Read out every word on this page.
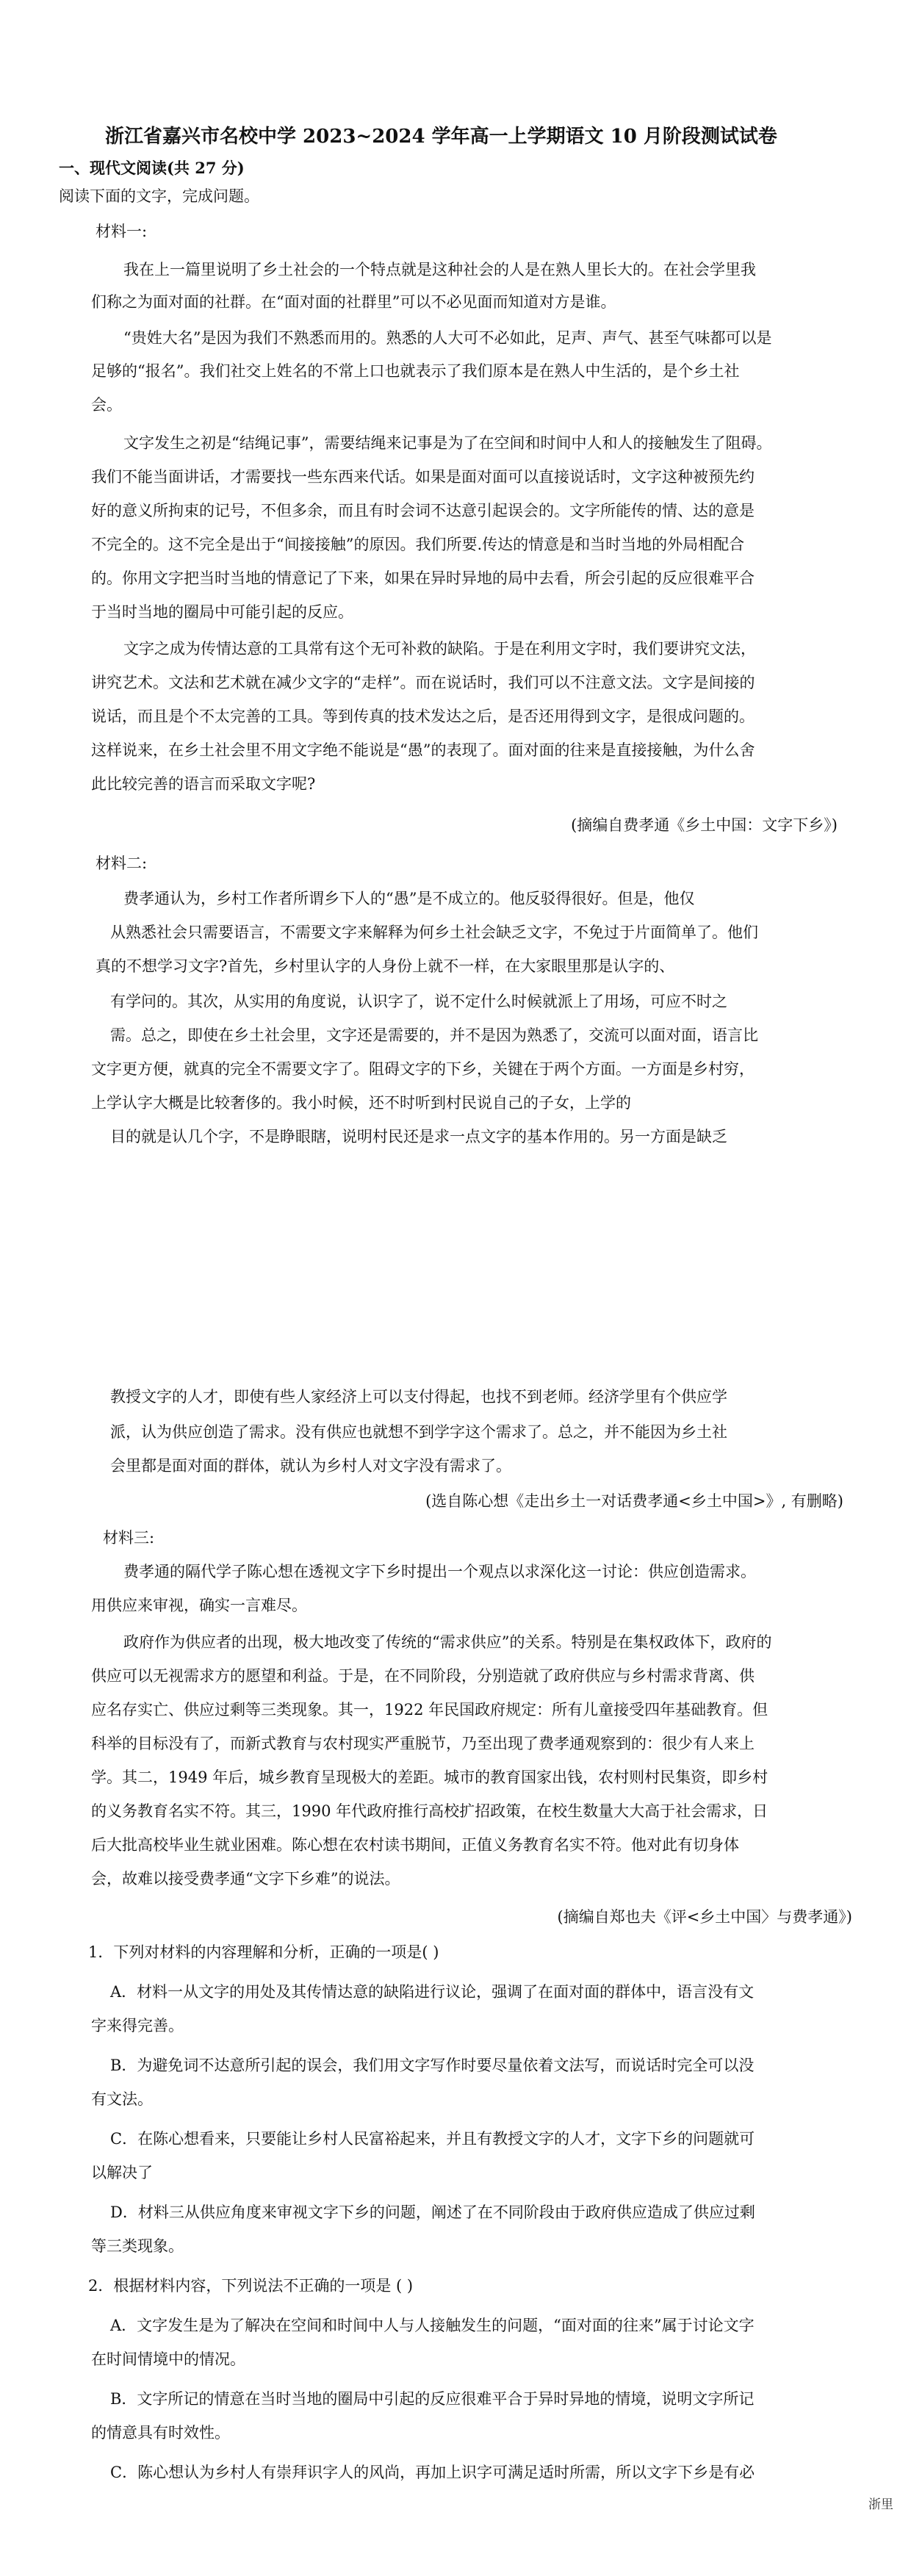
浙江省嘉兴市名校中学 2023~2024 学年高一上学期语文 10 月阶段测试试卷
一、现代文阅读(共 27 分)
阅读下面的文字，完成问题。
材料一:
我在上一篇里说明了乡土社会的一个特点就是这种社会的人是在熟人里长大的。在社会学里我
们称之为面对面的社群。在“面对面的社群里”可以不必见面而知道对方是谁。
“贵姓大名”是因为我们不熟悉而用的。熟悉的人大可不必如此，足声、声气、甚至气味都可以是
足够的“报名”。我们社交上姓名的不常上口也就表示了我们原本是在熟人中生活的，是个乡土社
会。
文字发生之初是“结绳记事”，需要结绳来记事是为了在空间和时间中人和人的接触发生了阻碍。
我们不能当面讲话，才需要找一些东西来代话。如果是面对面可以直接说话时，文字这种被预先约
好的意义所拘束的记号，不但多余，而且有时会词不达意引起误会的。文字所能传的情、达的意是
不完全的。这不完全是出于“间接接触”的原因。我们所要.传达的情意是和当时当地的外局相配合
的。你用文字把当时当地的情意记了下来，如果在异时异地的局中去看，所会引起的反应很难平合
于当时当地的圈局中可能引起的反应。
文字之成为传情达意的工具常有这个无可补救的缺陷。于是在利用文字时，我们要讲究文法，
讲究艺术。文法和艺术就在减少文字的“走样”。而在说话时，我们可以不注意文法。文字是间接的
说话，而且是个不太完善的工具。等到传真的技术发达之后，是否还用得到文字，是很成问题的。
这样说来，在乡土社会里不用文字绝不能说是“愚”的表现了。面对面的往来是直接接触，为什么舍
此比较完善的语言而采取文字呢?
(摘编自费孝通《乡土中国：文字下乡》)
材料二:
费孝通认为，乡村工作者所谓乡下人的“愚”是不成立的。他反驳得很好。但是，他仅
从熟悉社会只需要语言，不需要文字来解释为何乡土社会缺乏文字，不免过于片面简单了。他们
真的不想学习文字?首先，乡村里认字的人身份上就不一样，在大家眼里那是认字的、
有学问的。其次，从实用的角度说，认识字了，说不定什么时候就派上了用场，可应不时之
需。总之，即使在乡土社会里，文字还是需要的，并不是因为熟悉了，交流可以面对面，语言比
文字更方便，就真的完全不需要文字了。阻碍文字的下乡，关键在于两个方面。一方面是乡村穷，
上学认字大概是比较奢侈的。我小时候，还不时听到村民说自己的子女，上学的
目的就是认几个字，不是睁眼瞎，说明村民还是求一点文字的基本作用的。另一方面是缺乏
教授文字的人才，即使有些人家经济上可以支付得起，也找不到老师。经济学里有个供应学
派，认为供应创造了需求。没有供应也就想不到学字这个需求了。总之，并不能因为乡土社
会里都是面对面的群体，就认为乡村人对文字没有需求了。
(选自陈心想《走出乡土一对话费孝通<乡土中国>》, 有删略)
材料三:
费孝通的隔代学子陈心想在透视文字下乡时提出一个观点以求深化这一讨论：供应创造需求。
用供应来审视，确实一言难尽。
政府作为供应者的出现，极大地改变了传统的“需求供应”的关系。特别是在集权政体下，政府的
供应可以无视需求方的愿望和利益。于是，在不同阶段，分别造就了政府供应与乡村需求背离、供
应名存实亡、供应过剩等三类现象。其一，1922 年民国政府规定：所有儿童接受四年基础教育。但
科举的目标没有了，而新式教育与农村现实严重脱节，乃至出现了费孝通观察到的：很少有人来上
学。其二，1949 年后，城乡教育呈现极大的差距。城市的教育国家出钱，农村则村民集资，即乡村
的义务教育名实不符。其三，1990 年代政府推行高校扩招政策，在校生数量大大高于社会需求，日
后大批高校毕业生就业困难。陈心想在农村读书期间，正值义务教育名实不符。他对此有切身体
会，故难以接受费孝通“文字下乡难”的说法。
(摘编自郑也夫《评<乡土中国〉与费孝通》)
1．下列对材料的内容理解和分析，正确的一项是( )
A．材料一从文字的用处及其传情达意的缺陷进行议论，强调了在面对面的群体中，语言没有文
字来得完善。
B．为避免词不达意所引起的误会，我们用文字写作时要尽量依着文法写，而说话时完全可以没
有文法。
C．在陈心想看来，只要能让乡村人民富裕起来，并且有教授文字的人才，文字下乡的问题就可
以解决了
D．材料三从供应角度来审视文字下乡的问题，阐述了在不同阶段由于政府供应造成了供应过剩
等三类现象。
2．根据材料内容，下列说法不正确的一项是 ( )
A．文字发生是为了解决在空间和时间中人与人接触发生的问题，“面对面的往来”属于讨论文字
在时间情境中的情况。
B．文字所记的情意在当时当地的圈局中引起的反应很难平合于异时异地的情境，说明文字所记
的情意具有时效性。
C．陈心想认为乡村人有崇拜识字人的风尚，再加上识字可满足适时所需，所以文字下乡是有必
浙里
